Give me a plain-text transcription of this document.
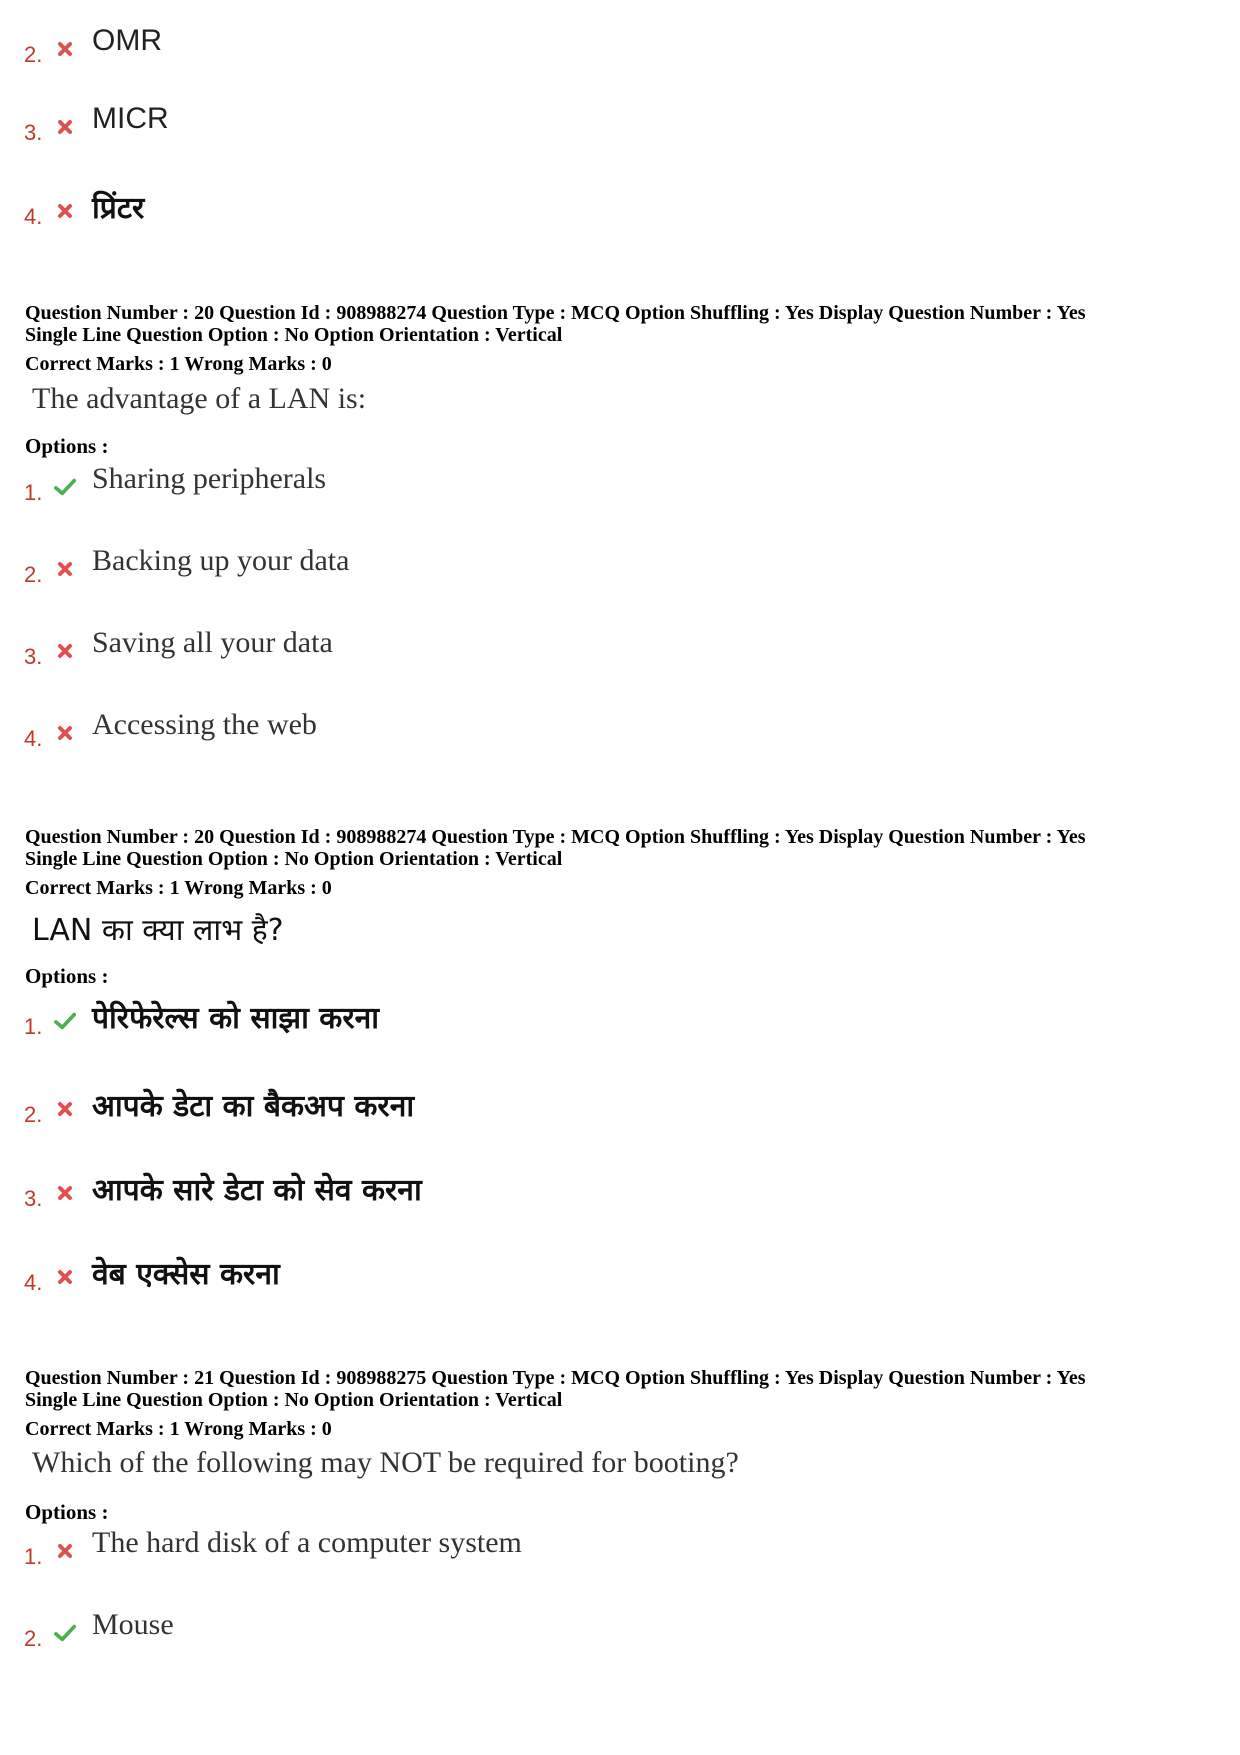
2. OMR
3. MICR
4. प्रिंटर
Question Number : 20 Question Id : 908988274 Question Type : MCQ Option Shuffling : Yes Display Question Number : Yes
Single Line Question Option : No Option Orientation : Vertical
Correct Marks : 1 Wrong Marks : 0
The advantage of a LAN is:
Options :
1. Sharing peripherals
2. Backing up your data
3. Saving all your data
4. Accessing the web
Question Number : 20 Question Id : 908988274 Question Type : MCQ Option Shuffling : Yes Display Question Number : Yes
Single Line Question Option : No Option Orientation : Vertical
Correct Marks : 1 Wrong Marks : 0
LAN का क्या लाभ है?
Options :
1. पेरिफेरेल्स को साझा करना
2. आपके डेटा का बैकअप करना
3. आपके सारे डेटा को सेव करना
4. वेब एक्सेस करना
Question Number : 21 Question Id : 908988275 Question Type : MCQ Option Shuffling : Yes Display Question Number : Yes
Single Line Question Option : No Option Orientation : Vertical
Correct Marks : 1 Wrong Marks : 0
Which of the following may NOT be required for booting?
Options :
1. The hard disk of a computer system
2. Mouse
